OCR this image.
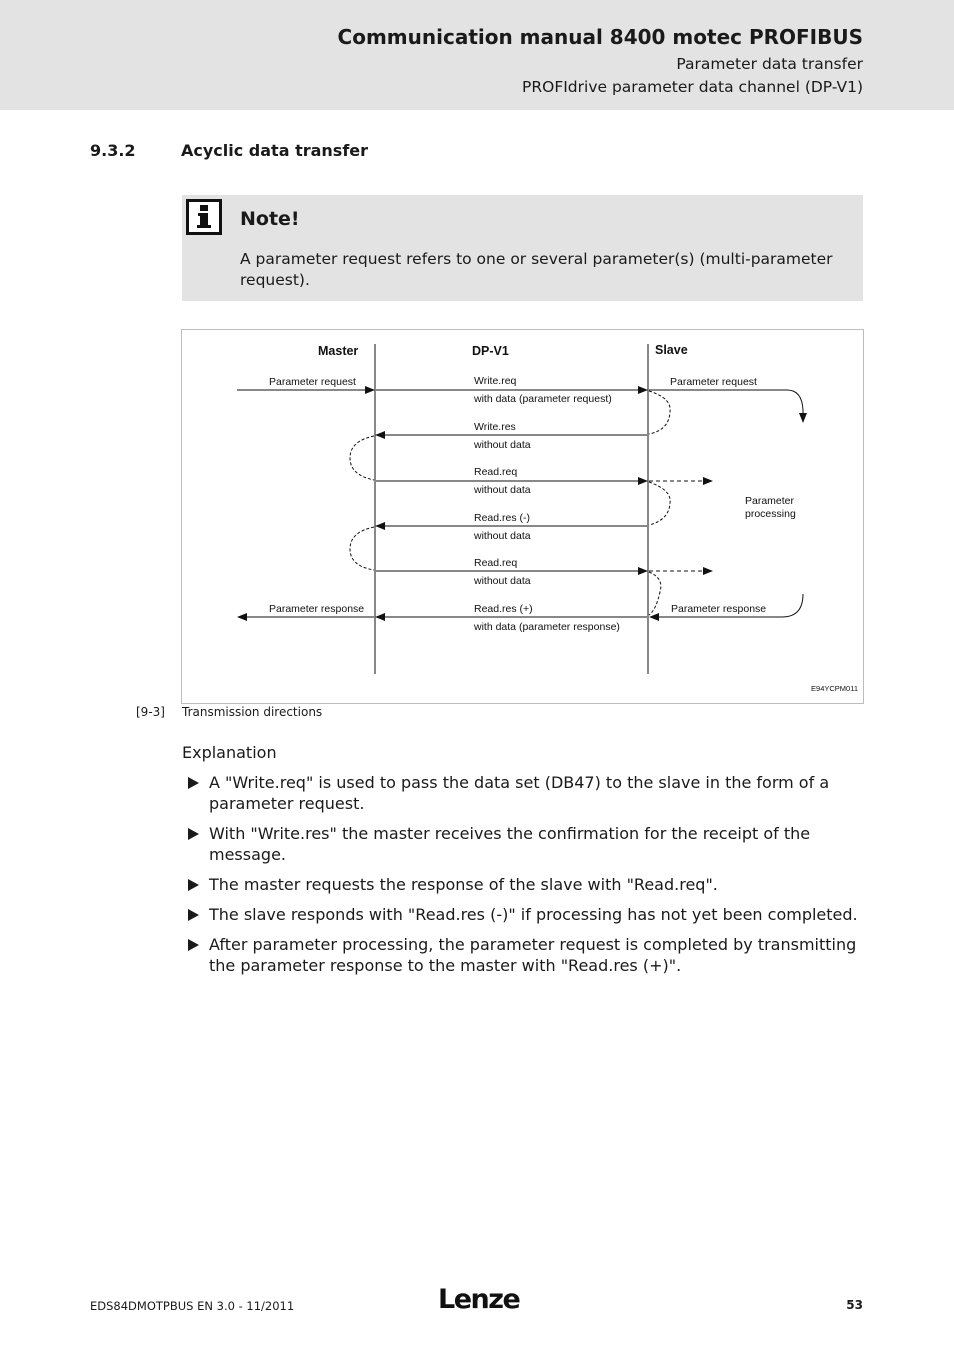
Communication manual 8400 motec PROFIBUS
Parameter data transfer
PROFIdrive parameter data channel (DP-V1)
9.3.2	Acyclic data transfer
Note!
A parameter request refers to one or several parameter(s) (multi-parameter request).
Master	DP-V1	Slave
Parameter request
Parameter response
Write.req
with data (parameter request)
Write.res
without data
Read.req
without data
Read.res (-)
without data
Read.req
without data
Read.res (+)
with data (parameter response)
Parameter request
Parameter
processing
Parameter response
E94YCPM011
[9-3] Transmission directions
Explanation
A "Write.req" is used to pass the data set (DB47) to the slave in the form of a parameter request.
With "Write.res" the master receives the confirmation for the receipt of the message.
The master requests the response of the slave with "Read.req".
The slave responds with "Read.res (-)" if processing has not yet been completed.
After parameter processing, the parameter request is completed by transmitting the parameter response to the master with "Read.res (+)".
EDS84DMOTPBUS EN 3.0 - 11/2011	Lenze	53
